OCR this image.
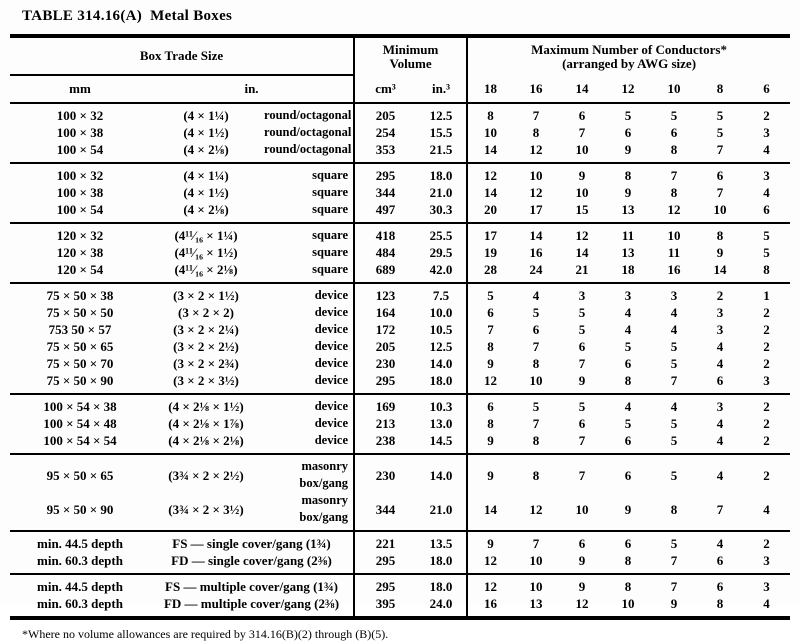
TABLE 314.16(A)  Metal Boxes
Box Trade Size	Minimum
Volume

Maximum Number of Conductors*
(arranged by AWG size)

mm	in.		cm³	in.³	18	16	14	12	10	8	6
100 × 32	(4 × 1¼)	round/octagonal	205	12.5	8	7	6	5	5	5	2
100 × 38	(4 × 1½)	round/octagonal	254	15.5	10	8	7	6	6	5	3
100 × 54	(4 × 2⅛)	round/octagonal	353	21.5	14	12	10	9	8	7	4
100 × 32	(4 × 1¼)	square	295	18.0	12	10	9	8	7	6	3
100 × 38	(4 × 1½)	square	344	21.0	14	12	10	9	8	7	4
100 × 54	(4 × 2⅛)	square	497	30.3	20	17	15	13	12	10	6
120 × 32	(4¹¹⁄₁₆ × 1¼)	square	418	25.5	17	14	12	11	10	8	5
120 × 38	(4¹¹⁄₁₆ × 1½)	square	484	29.5	19	16	14	13	11	9	5
120 × 54	(4¹¹⁄₁₆ × 2⅛)	square	689	42.0	28	24	21	18	16	14	8
75 × 50 × 38	(3 × 2 × 1½)	device	123	7.5	5	4	3	3	3	2	1
75 × 50 × 50	(3 × 2 × 2)	device	164	10.0	6	5	5	4	4	3	2
753 50 × 57	(3 × 2 × 2¼)	device	172	10.5	7	6	5	4	4	3	2
75 × 50 × 65	(3 × 2 × 2½)	device	205	12.5	8	7	6	5	5	4	2
75 × 50 × 70	(3 × 2 × 2¾)	device	230	14.0	9	8	7	6	5	4	2
75 × 50 × 90	(3 × 2 × 3½)	device	295	18.0	12	10	9	8	7	6	3
100 × 54 × 38	(4 × 2⅛ × 1½)	device	169	10.3	6	5	5	4	4	3	2
100 × 54 × 48	(4 × 2⅛ × 1⅞)	device	213	13.0	8	7	6	5	5	4	2
100 × 54 × 54	(4 × 2⅛ × 2⅛)	device	238	14.5	9	8	7	6	5	4	2
95 × 50 × 65	(3¾ × 2 × 2½)	masonry box/gang	230	14.0	9	8	7	6	5	4	2
95 × 50 × 90	(3¾ × 2 × 3½)	masonry box/gang	344	21.0	14	12	10	9	8	7	4
min. 44.5 depth	FS — single cover/gang (1¾)		221	13.5	9	7	6	6	5	4	2
min. 60.3 depth	FD — single cover/gang (2⅜)		295	18.0	12	10	9	8	7	6	3
min. 44.5 depth	FS — multiple cover/gang (1¾)		295	18.0	12	10	9	8	7	6	3
min. 60.3 depth	FD — multiple cover/gang (2⅜)		395	24.0	16	13	12	10	9	8	4
*Where no volume allowances are required by 314.16(B)(2) through (B)(5).
